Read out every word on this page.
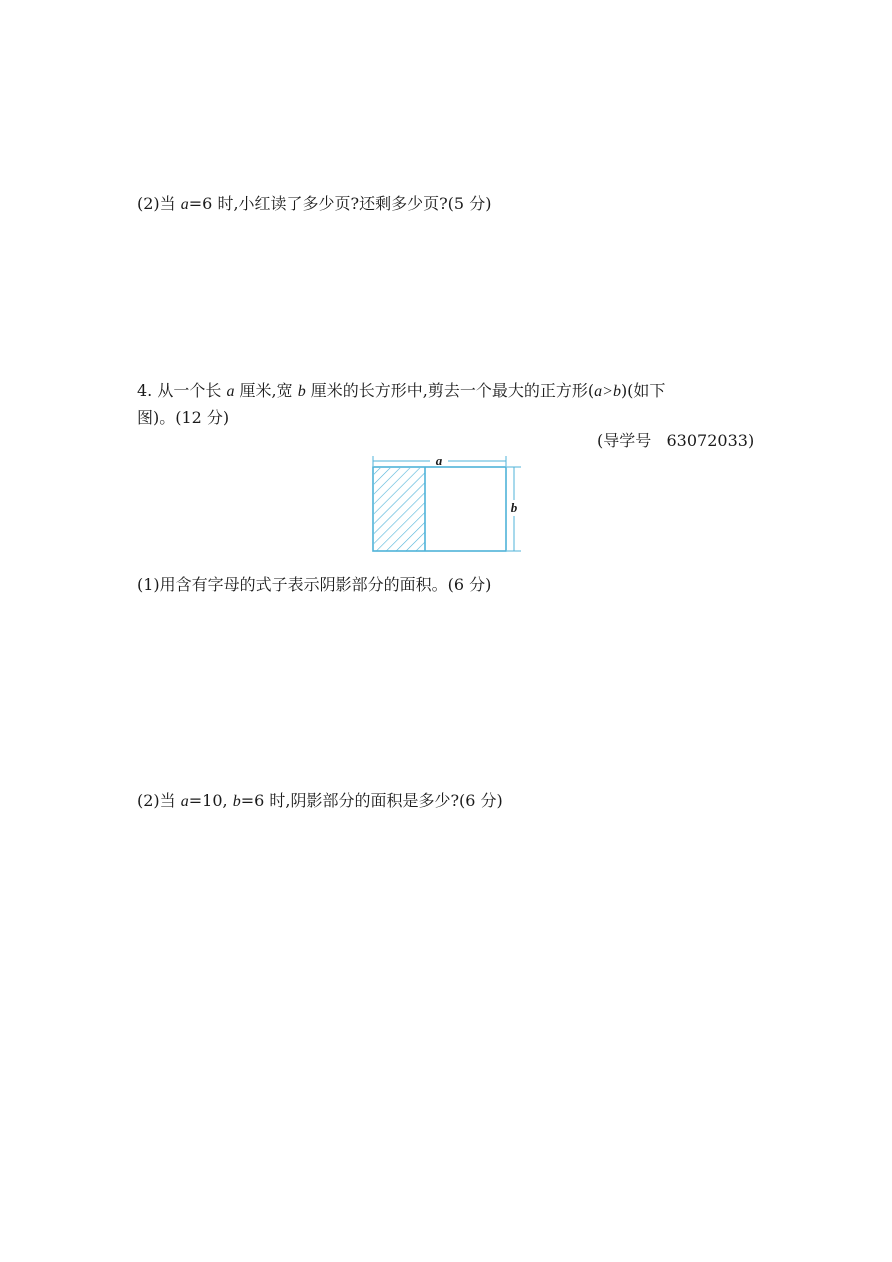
(2)当 a=6 时,小红读了多少页?还剩多少页?(5 分)
4. 从一个长 a 厘米,宽 b 厘米的长方形中,剪去一个最大的正方形(a>b)(如下
图)。(12 分)
(导学号   63072033)
a
b
(1)用含有字母的式子表示阴影部分的面积。(6 分)
(2)当 a=10, b=6 时,阴影部分的面积是多少?(6 分)
